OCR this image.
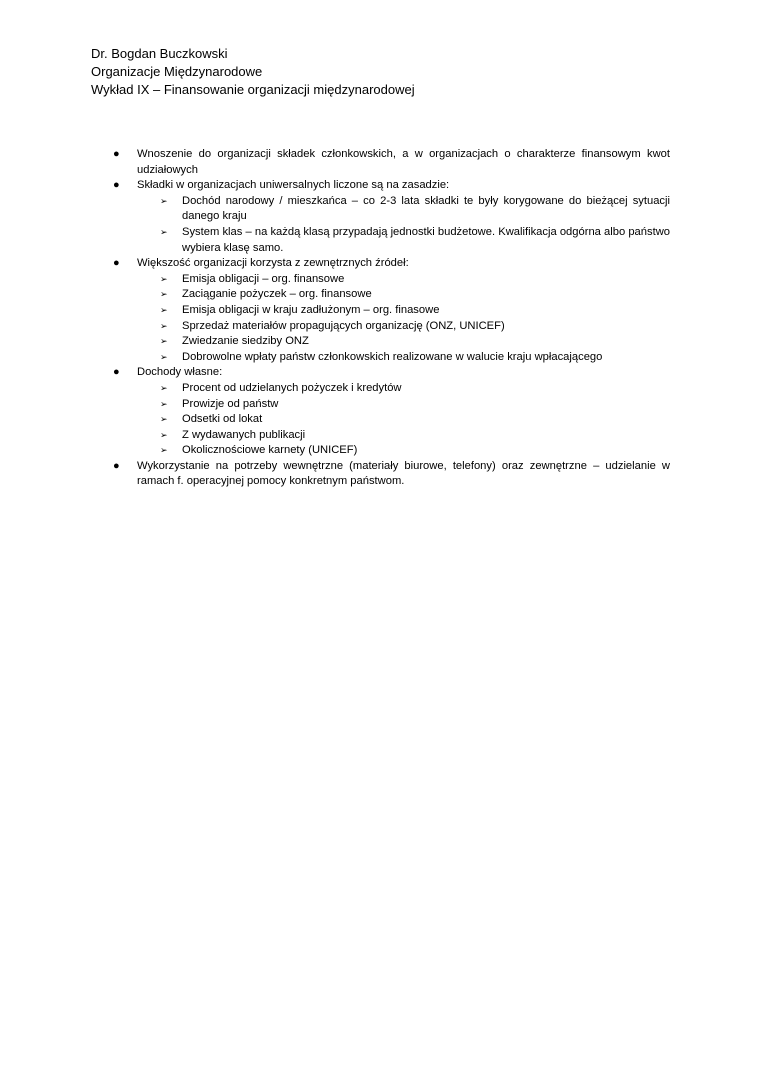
Dr. Bogdan Buczkowski
Organizacje Międzynarodowe
Wykład IX – Finansowanie organizacji międzynarodowej
● Wnoszenie do organizacji składek członkowskich, a w organizacjach o charakterze finansowym kwot udziałowych
● Składki w organizacjach uniwersalnych liczone są na zasadzie:
➢ Dochód narodowy / mieszkańca – co 2-3 lata składki te były korygowane do bieżącej sytuacji danego kraju
➢ System klas – na każdą klasą przypadają jednostki budżetowe. Kwalifikacja odgórna albo państwo wybiera klasę samo.
● Większość organizacji korzysta z zewnętrznych źródeł:
➢ Emisja obligacji – org. finansowe
➢ Zaciąganie pożyczek – org. finansowe
➢ Emisja obligacji w kraju zadłużonym – org. finasowe
➢ Sprzedaż materiałów propagujących organizację (ONZ, UNICEF)
➢ Zwiedzanie siedziby ONZ
➢ Dobrowolne wpłaty państw członkowskich realizowane w walucie kraju wpłacającego
● Dochody własne:
➢ Procent od udzielanych pożyczek i kredytów
➢ Prowizje od państw
➢ Odsetki od lokat
➢ Z wydawanych publikacji
➢ Okolicznościowe karnety (UNICEF)
● Wykorzystanie na potrzeby wewnętrzne (materiały biurowe, telefony) oraz zewnętrzne – udzielanie w ramach f. operacyjnej pomocy konkretnym państwom.
